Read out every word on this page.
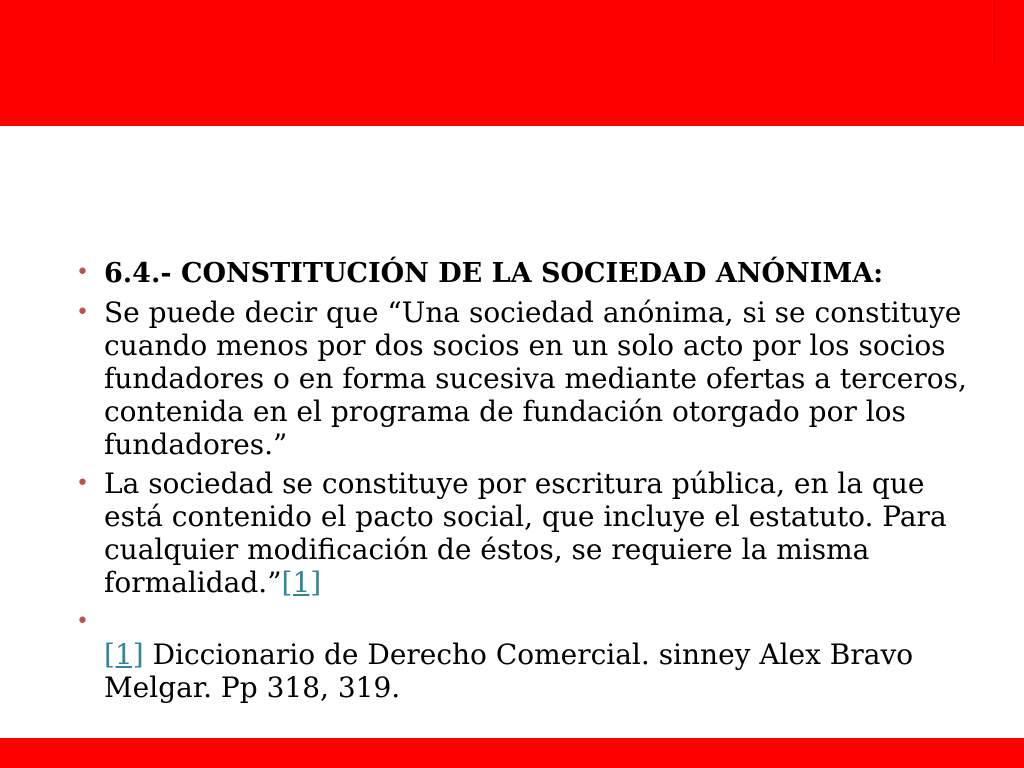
• 6.4.- CONSTITUCIÓN DE LA SOCIEDAD ANÓNIMA:
• Se puede decir que “Una sociedad anónima, si se constituye cuando menos por dos socios en un solo acto por los socios fundadores o en forma sucesiva mediante ofertas a terceros, contenida en el programa de fundación otorgado por los fundadores.”
• La sociedad se constituye por escritura pública, en la que está contenido el pacto social, que incluye el estatuto. Para cualquier modificación de éstos, se requiere la misma formalidad.”[1]
•

[1] Diccionario de Derecho Comercial. sinney Alex Bravo Melgar. Pp 318, 319.
